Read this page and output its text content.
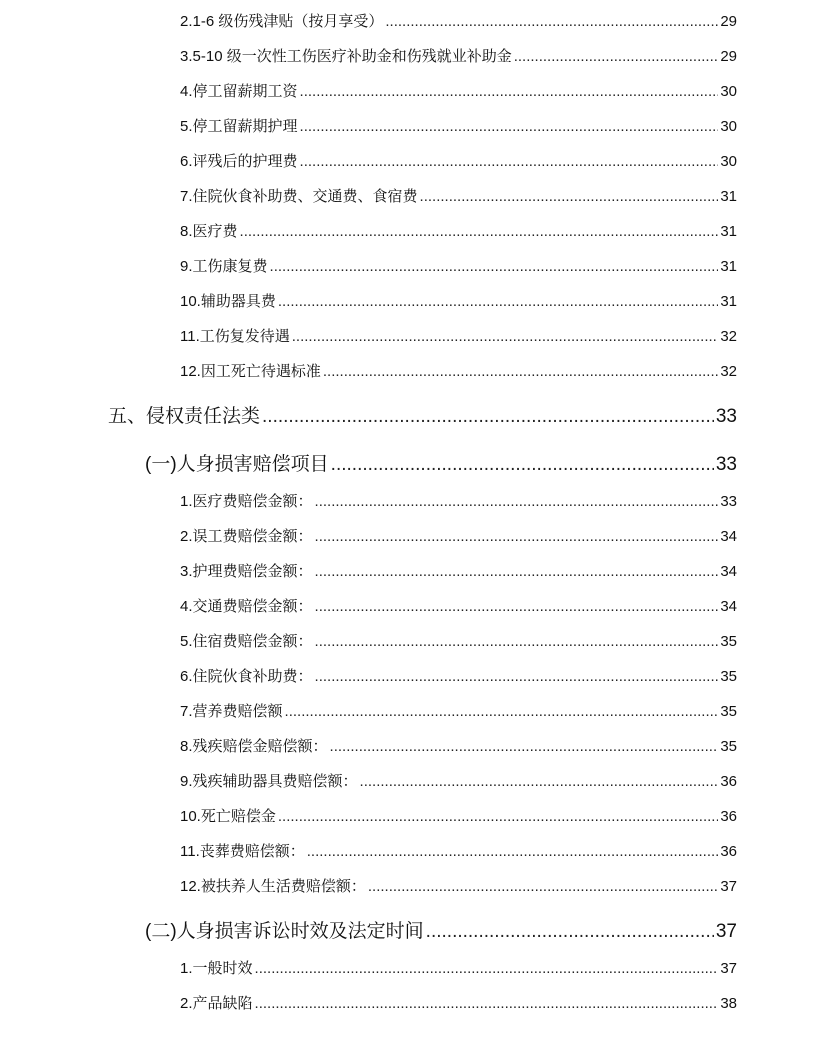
2. 1-6 级伤残津贴（按月享受） .....	29
3. 5-10 级一次性工伤医疗补助金和伤残就业补助金 .....	29
4. 停工留薪期工资 .....	30
5. 停工留薪期护理 .....	30
6. 评残后的护理费 .....	30
7. 住院伙食补助费、交通费、食宿费 .....	31
8. 医疗费 .....	31
9. 工伤康复费 .....	31
10. 辅助器具费 .....	31
11. 工伤复发待遇 .....	32
12. 因工死亡待遇标准 .....	32
五、 侵权责任法类 .....	33
(一) 人身损害赔偿项目 .....	33
1. 医疗费赔偿金额： .....	33
2. 误工费赔偿金额： .....	34
3. 护理费赔偿金额： .....	34
4. 交通费赔偿金额： .....	34
5. 住宿费赔偿金额： .....	35
6. 住院伙食补助费： .....	35
7. 营养费赔偿额 .....	35
8. 残疾赔偿金赔偿额： .....	35
9. 残疾辅助器具费赔偿额： .....	36
10. 死亡赔偿金 .....	36
11. 丧葬费赔偿额： .....	36
12. 被扶养人生活费赔偿额： .....	37
(二) 人身损害诉讼时效及法定时间 .....	37
1. 一般时效 .....	37
2. 产品缺陷 .....	38
